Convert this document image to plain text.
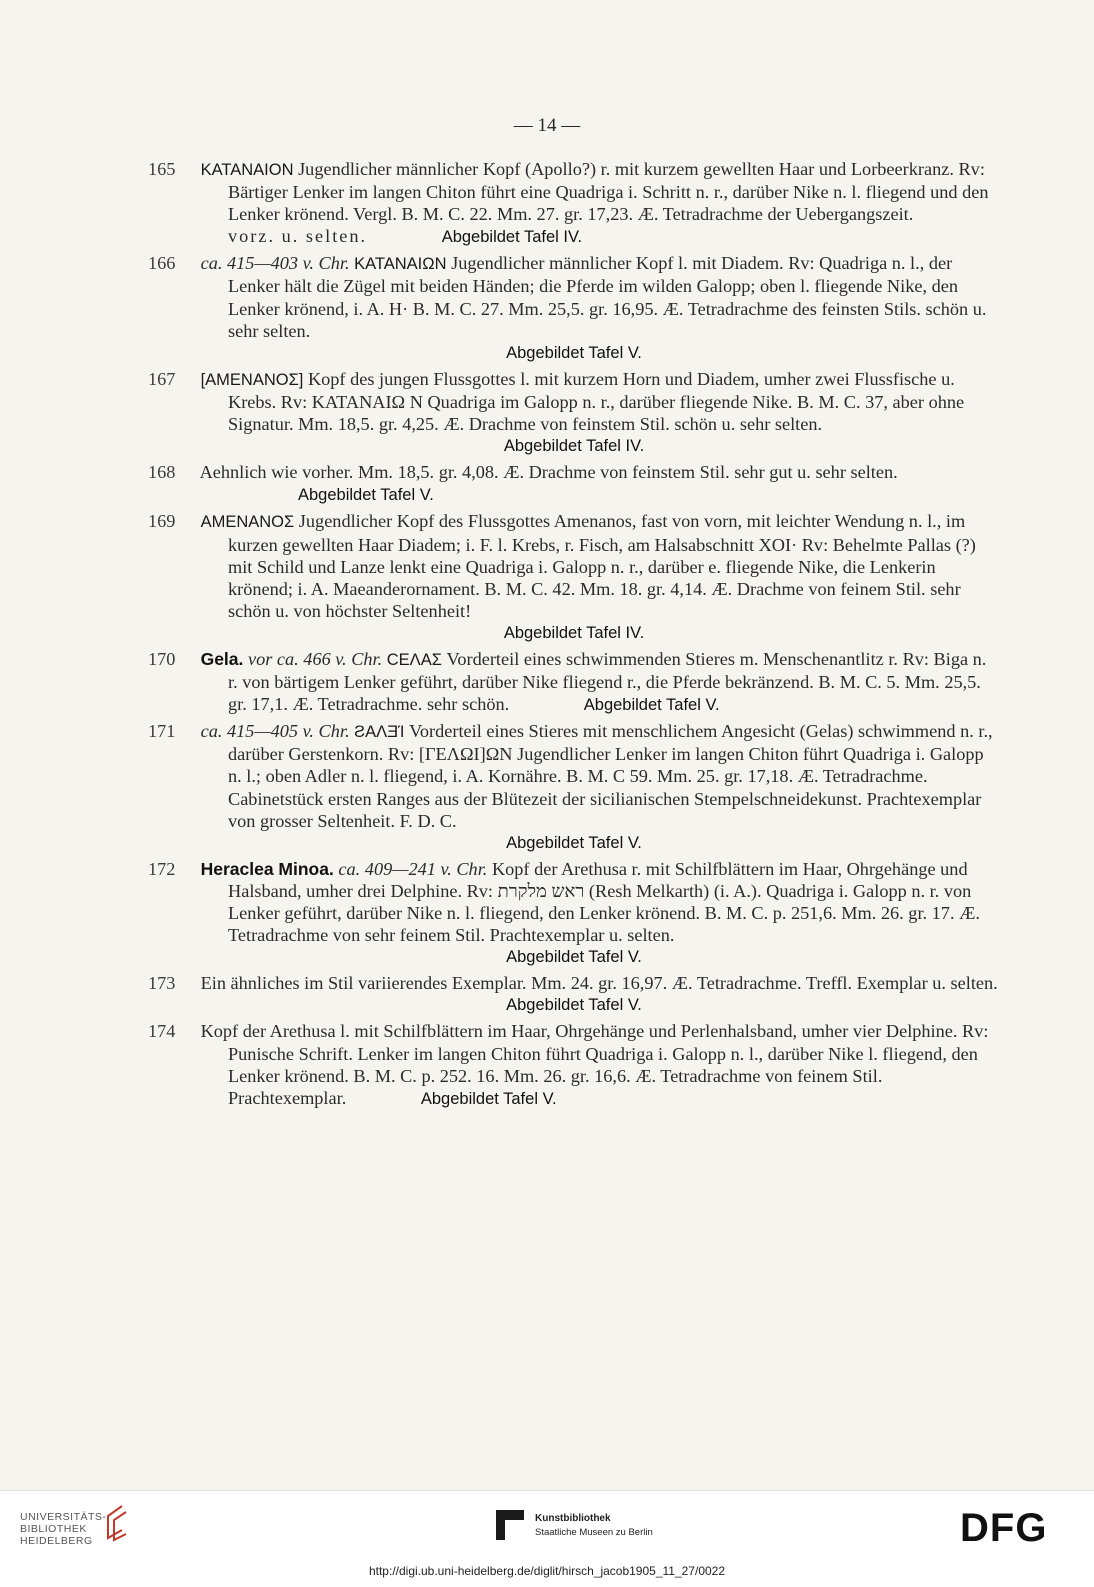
— 14 —
165 KATANAION Jugendlicher männlicher Kopf (Apollo?) r. mit kurzem gewellten Haar und Lorbeerkranz. Rv: Bärtiger Lenker im langen Chiton führt eine Quadriga i. Schritt n. r., darüber Nike n. l. fliegend und den Lenker krönend. Vergl. B. M. C. 22. Mm. 27. gr. 17,23. Æ. Tetradrachme der Uebergangszeit.
vorz. u. selten.	Abgebildet Tafel IV.
166 ca. 415—403 v. Chr. KATANAIΩN Jugendlicher männlicher Kopf l. mit Diadem. Rv: Quadriga n. l., der Lenker hält die Zügel mit beiden Händen; die Pferde im wilden Galopp; oben l. fliegende Nike, den Lenker krönend, i. A. H· B. M. C. 27. Mm. 25,5. gr. 16,95. Æ. Tetradrachme des feinsten Stils. schön u. sehr selten.
Abgebildet Tafel V.
167 [AMENANOΣ] Kopf des jungen Flussgottes l. mit kurzem Horn und Diadem, umher zwei Flussfische u. Krebs. Rv: KATANAIΩ N Quadriga im Galopp n. r., darüber fliegende Nike. B. M. C. 37, aber ohne Signatur. Mm. 18,5. gr. 4,25. Æ. Drachme von feinstem Stil. schön u. sehr selten.
Abgebildet Tafel IV.
168 Aehnlich wie vorher. Mm. 18,5. gr. 4,08. Æ. Drachme von feinstem Stil. sehr gut u. sehr selten. Abgebildet Tafel V.
169 AMENANOΣ Jugendlicher Kopf des Flussgottes Amenanos, fast von vorn, mit leichter Wendung n. l., im kurzen gewellten Haar Diadem; i. F. l. Krebs, r. Fisch, am Halsabschnitt XOI· Rv: Behelmte Pallas (?) mit Schild und Lanze lenkt eine Quadriga i. Galopp n. r., darüber e. fliegende Nike, die Lenkerin krönend; i. A. Maeanderornament. B. M. C. 42. Mm. 18. gr. 4,14. Æ. Drachme von feinem Stil. sehr schön u. von höchster Seltenheit!
Abgebildet Tafel IV.
170 Gela. vor ca. 466 v. Chr. CEΛAΣ Vorderteil eines schwimmenden Stieres m. Menschenantlitz r. Rv: Biga n. r. von bärtigem Lenker geführt, darüber Nike fliegend r., die Pferde bekränzend. B. M. C. 5. Mm. 25,5. gr. 17,1. Æ. Tetradrachme. sehr schön.	Abgebildet Tafel V.
171 ca. 415—405 v. Chr. ƧAΛƎΊ Vorderteil eines Stieres mit menschlichem Angesicht (Gelas) schwimmend n. r., darüber Gerstenkorn. Rv: [ΓEΛΩI]ΩN Jugendlicher Lenker im langen Chiton führt Quadriga i. Galopp n. l.; oben Adler n. l. fliegend, i. A. Kornähre. B. M. C 59. Mm. 25. gr. 17,18. Æ. Tetradrachme. Cabinetstück ersten Ranges aus der Blütezeit der sicilianischen Stempelschneidekunst. Prachtexemplar von grosser Seltenheit. F. D. C.
Abgebildet Tafel V.
172 Heraclea Minoa. ca. 409—241 v. Chr. Kopf der Arethusa r. mit Schilfblättern im Haar, Ohrgehänge und Halsband, umher drei Delphine. Rv: ראש מלקרת (Resh Melkarth) (i. A.). Quadriga i. Galopp n. r. von Lenker geführt, darüber Nike n. l. fliegend, den Lenker krönend. B. M. C. p. 251,6. Mm. 26. gr. 17. Æ. Tetradrachme von sehr feinem Stil. Prachtexemplar u. selten.
Abgebildet Tafel V.
173 Ein ähnliches im Stil variierendes Exemplar. Mm. 24. gr. 16,97. Æ. Tetradrachme. Treffl. Exemplar u. selten.
Abgebildet Tafel V.
174 Kopf der Arethusa l. mit Schilfblättern im Haar, Ohrgehänge und Perlenhalsband, umher vier Delphine. Rv: Punische Schrift. Lenker im langen Chiton führt Quadriga i. Galopp n. l., darüber Nike l. fliegend, den Lenker krönend. B. M. C. p. 252. 16. Mm. 26. gr. 16,6. Æ. Tetradrachme von feinem Stil. Prachtexemplar.	Abgebildet Tafel V.
UNIVERSITÄTS-
BIBLIOTHEK
HEIDELBERG
Kunstbibliothek
Staatliche Museen zu Berlin	DFG
http://digi.ub.uni-heidelberg.de/diglit/hirsch_jacob1905_11_27/0022
